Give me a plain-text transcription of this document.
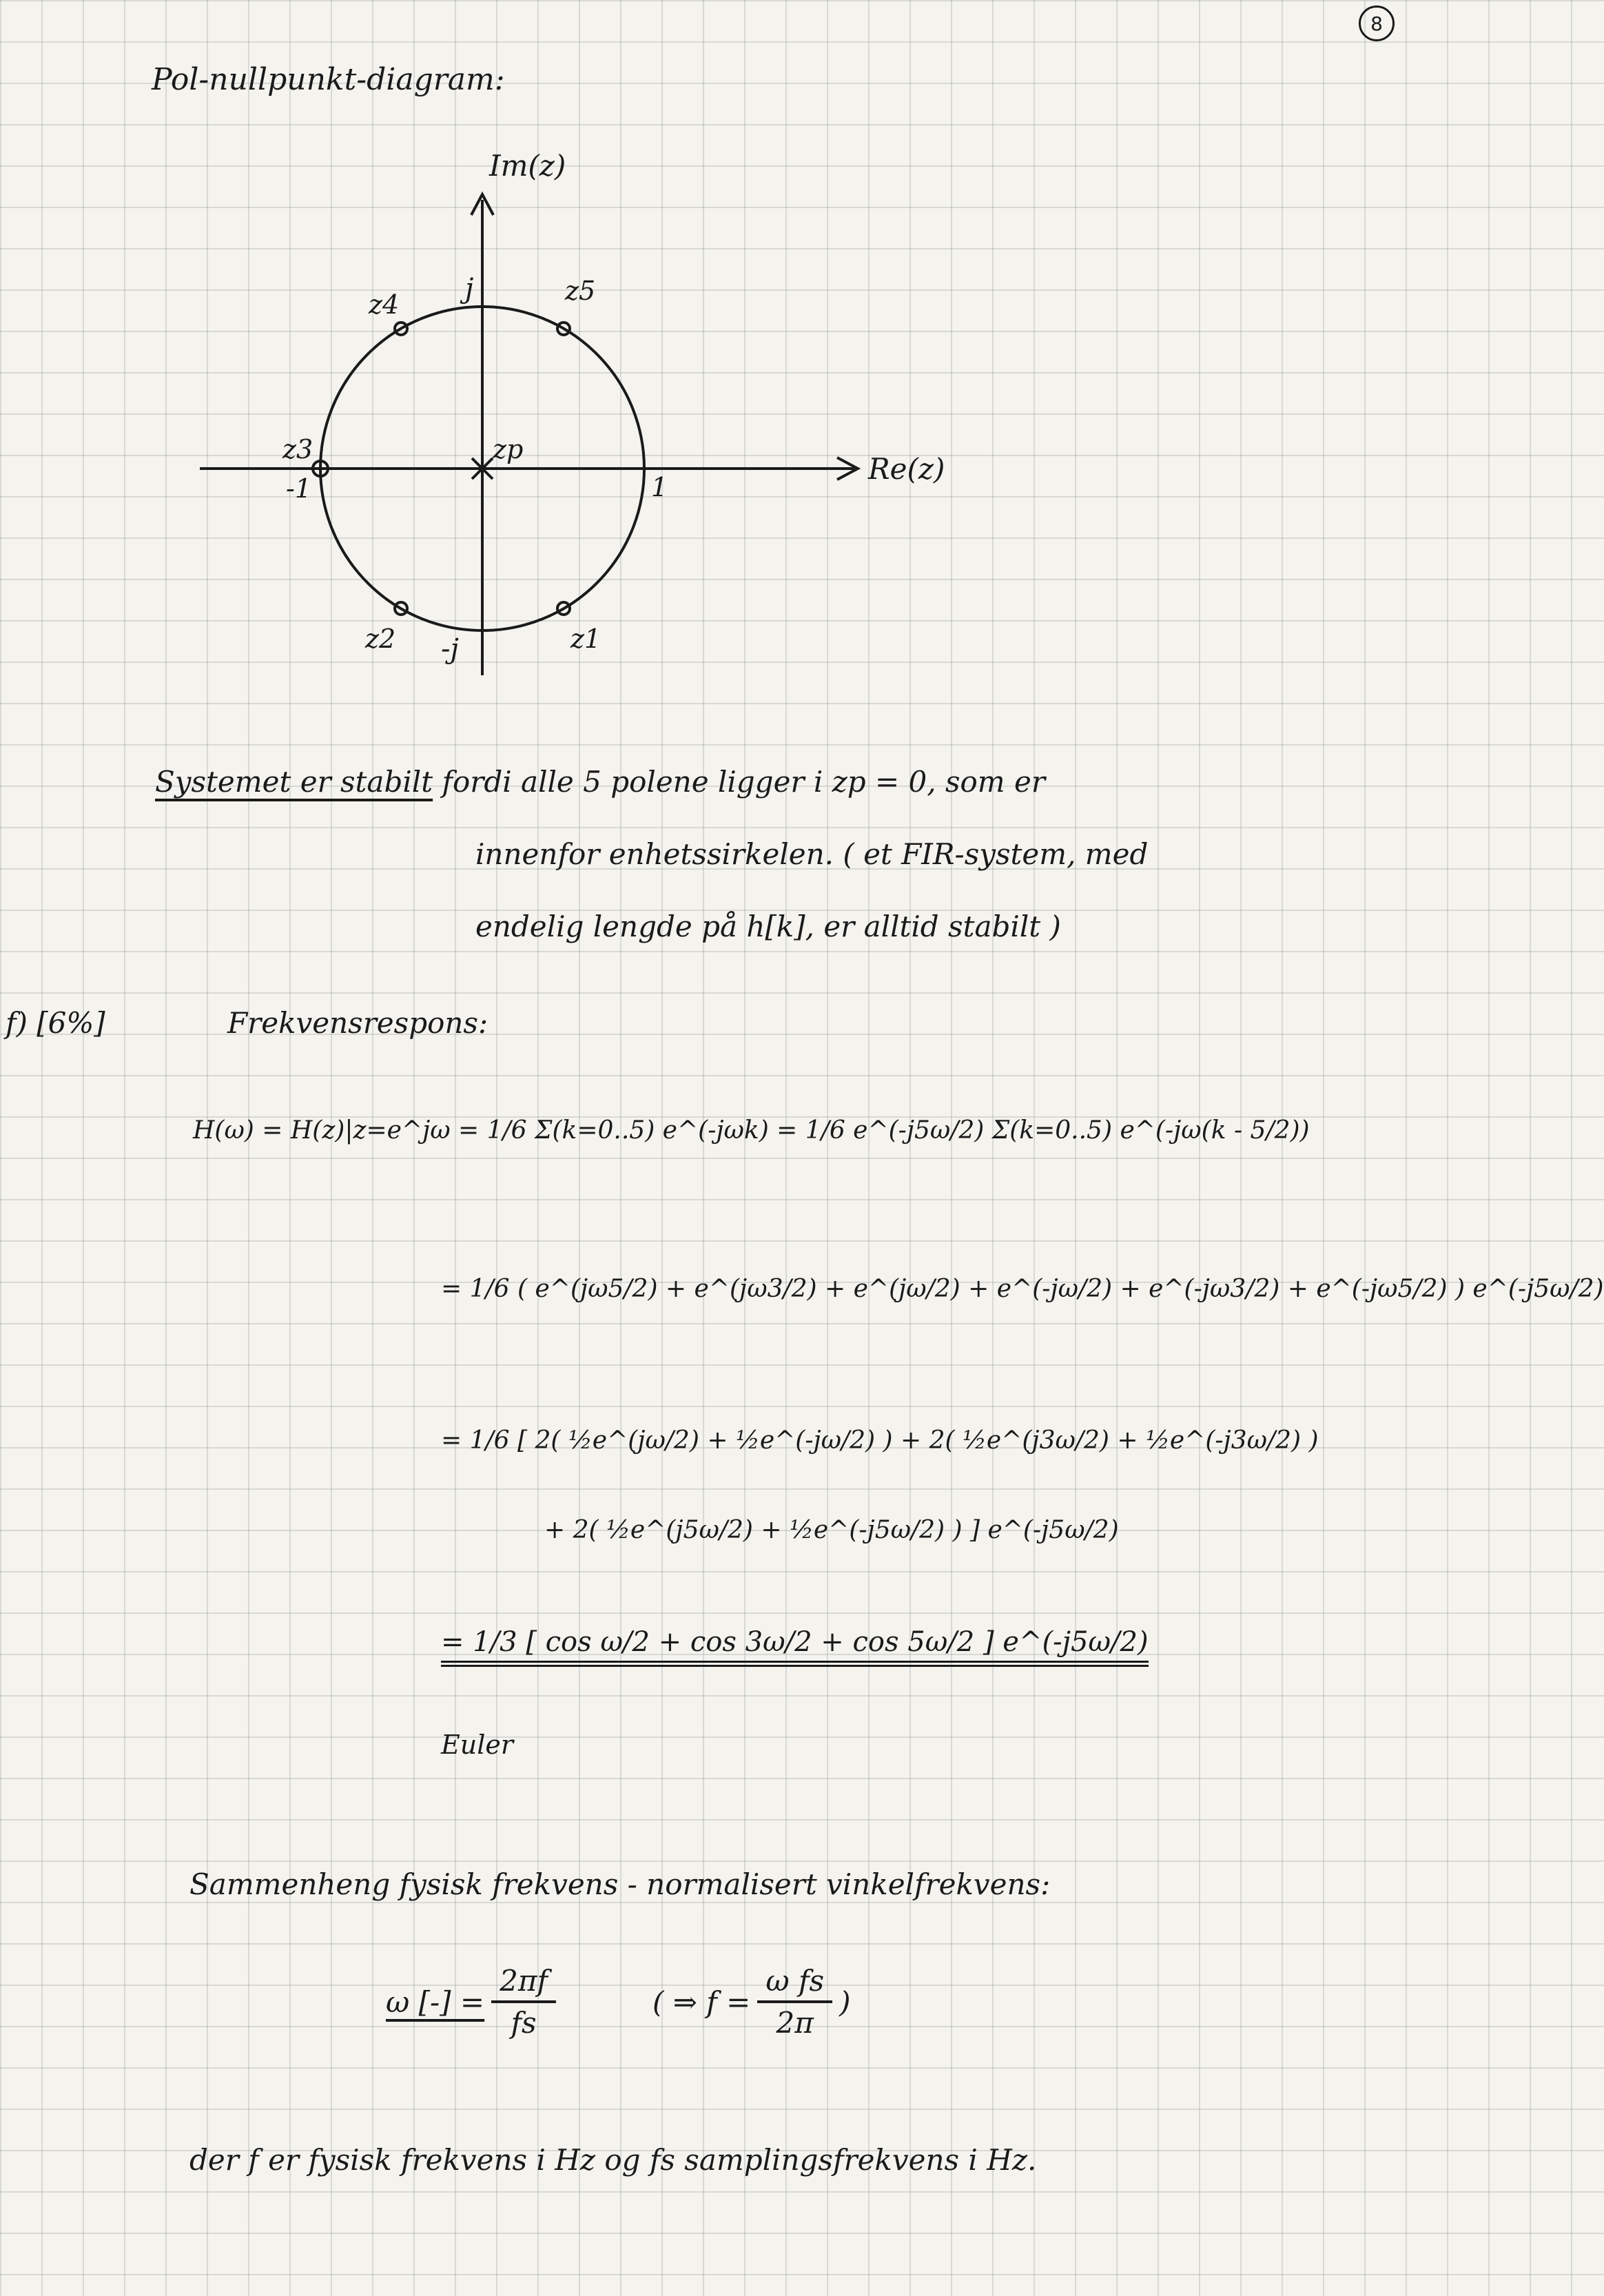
8
Pol-nullpunkt-diagram:
Im(z)
Re(z)
j
-j
1
-1
zp
z1
z2
z3
z4	z5
Systemet er stabilt fordi alle 5 polene ligger i zp = 0, som er
innenfor enhetssirkelen. ( et FIR-system, med
endelig lengde på h[k], er alltid stabilt )
f) [6%]	Frekvensrespons:
H(ω) = H(z)|z=e^jω = 1/6 Σ(k=0..5) e^(-jωk) = 1/6 e^(-j5ω/2) Σ(k=0..5) e^(-jω(k - 5/2))
= 1/6 ( e^(jω5/2) + e^(jω3/2) + e^(jω/2) + e^(-jω/2) + e^(-jω3/2) + e^(-jω5/2) ) e^(-j5ω/2)
= 1/6 [ 2( ½e^(jω/2) + ½e^(-jω/2) ) + 2( ½e^(j3ω/2) + ½e^(-j3ω/2) )
+ 2( ½e^(j5ω/2) + ½e^(-j5ω/2) ) ] e^(-j5ω/2)
= 1/3 [ cos ω/2 + cos 3ω/2 + cos 5ω/2 ] e^(-j5ω/2)
Euler
Sammenheng fysisk frekvens - normalisert vinkelfrekvens:
ω [-] = $\frac{2\pi f}{fs}$	( ⇒ $f = \frac{\text{ω fs}}{2\pi}$ )
der f er fysisk frekvens i Hz og fs samplingsfrekvens i Hz.
